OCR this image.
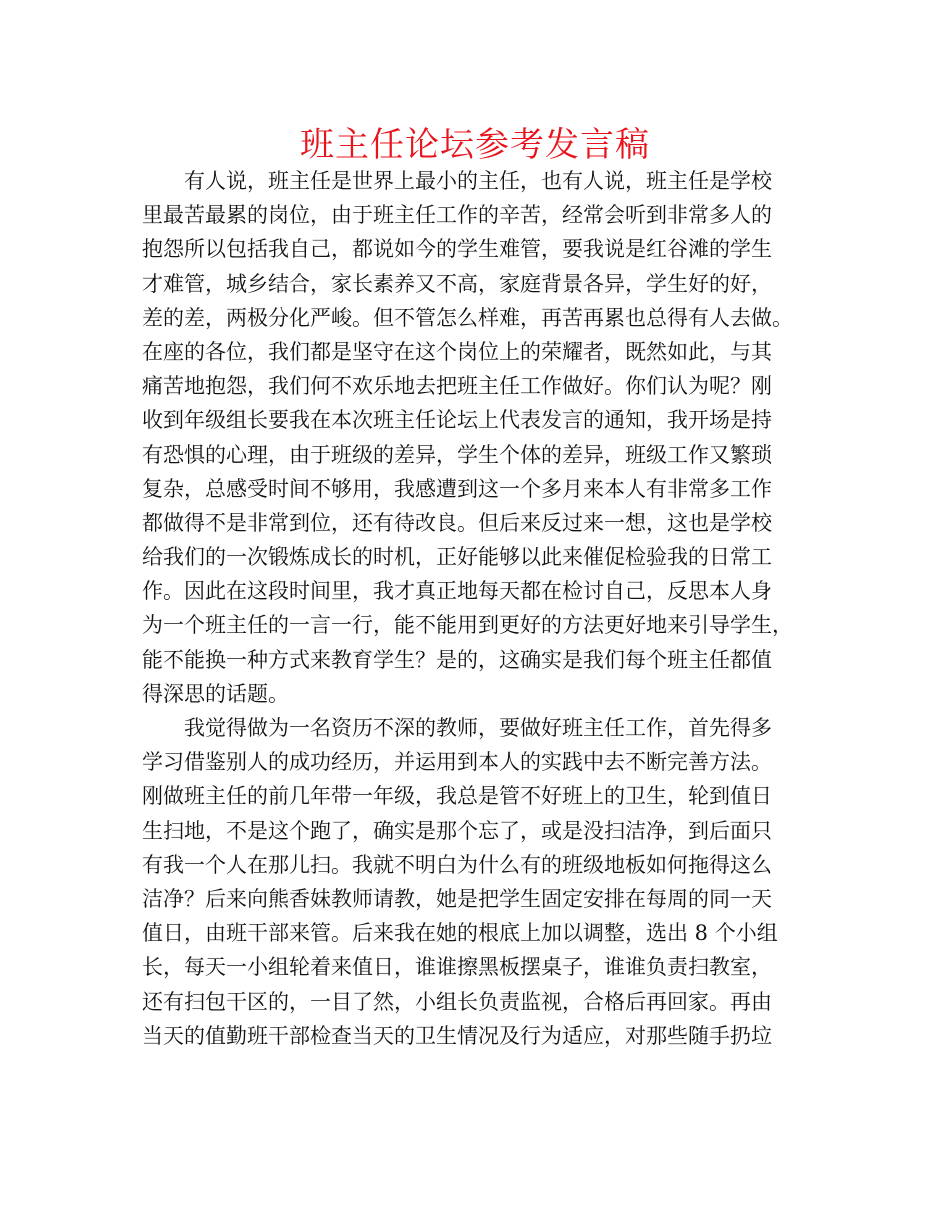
班主任论坛参考发言稿
有人说，班主任是世界上最小的主任，也有人说，班主任是学校
里最苦最累的岗位，由于班主任工作的辛苦，经常会听到非常多人的
抱怨所以包括我自己，都说如今的学生难管，要我说是红谷滩的学生
才难管，城乡结合，家长素养又不高，家庭背景各异，学生好的好，
差的差，两极分化严峻。但不管怎么样难，再苦再累也总得有人去做。
在座的各位，我们都是坚守在这个岗位上的荣耀者，既然如此，与其
痛苦地抱怨，我们何不欢乐地去把班主任工作做好。你们认为呢？刚
收到年级组长要我在本次班主任论坛上代表发言的通知，我开场是持
有恐惧的心理，由于班级的差异，学生个体的差异，班级工作又繁琐
复杂，总感受时间不够用，我感遭到这一个多月来本人有非常多工作
都做得不是非常到位，还有待改良。但后来反过来一想，这也是学校
给我们的一次锻炼成长的时机，正好能够以此来催促检验我的日常工
作。因此在这段时间里，我才真正地每天都在检讨自己，反思本人身
为一个班主任的一言一行，能不能用到更好的方法更好地来引导学生，
能不能换一种方式来教育学生？是的，这确实是我们每个班主任都值
得深思的话题。
我觉得做为一名资历不深的教师，要做好班主任工作，首先得多
学习借鉴别人的成功经历，并运用到本人的实践中去不断完善方法。
刚做班主任的前几年带一年级，我总是管不好班上的卫生，轮到值日
生扫地，不是这个跑了，确实是那个忘了，或是没扫洁净，到后面只
有我一个人在那儿扫。我就不明白为什么有的班级地板如何拖得这么
洁净？后来向熊香妹教师请教，她是把学生固定安排在每周的同一天
值日，由班干部来管。后来我在她的根底上加以调整，选出 8 个小组
长，每天一小组轮着来值日，谁谁擦黑板摆桌子，谁谁负责扫教室，
还有扫包干区的，一目了然，小组长负责监视，合格后再回家。再由
当天的值勤班干部检查当天的卫生情况及行为适应，对那些随手扔垃
